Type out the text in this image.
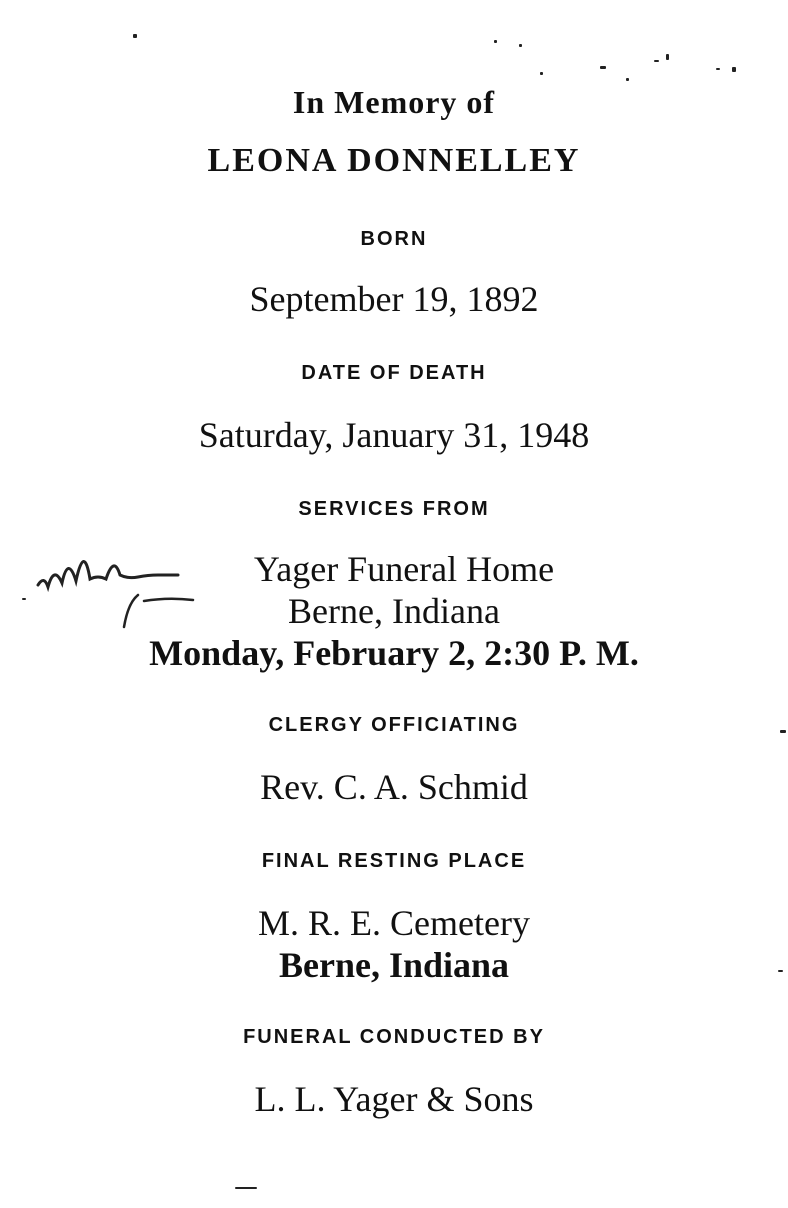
In Memory of
LEONA DONNELLEY
BORN
September 19, 1892
DATE OF DEATH
Saturday, January 31, 1948
SERVICES FROM
Yager Funeral Home
Berne, Indiana
Monday, February 2, 2:30 P. M.
CLERGY OFFICIATING
Rev. C. A. Schmid
FINAL RESTING PLACE
M. R. E. Cemetery
Berne, Indiana
FUNERAL CONDUCTED BY
L. L. Yager & Sons
